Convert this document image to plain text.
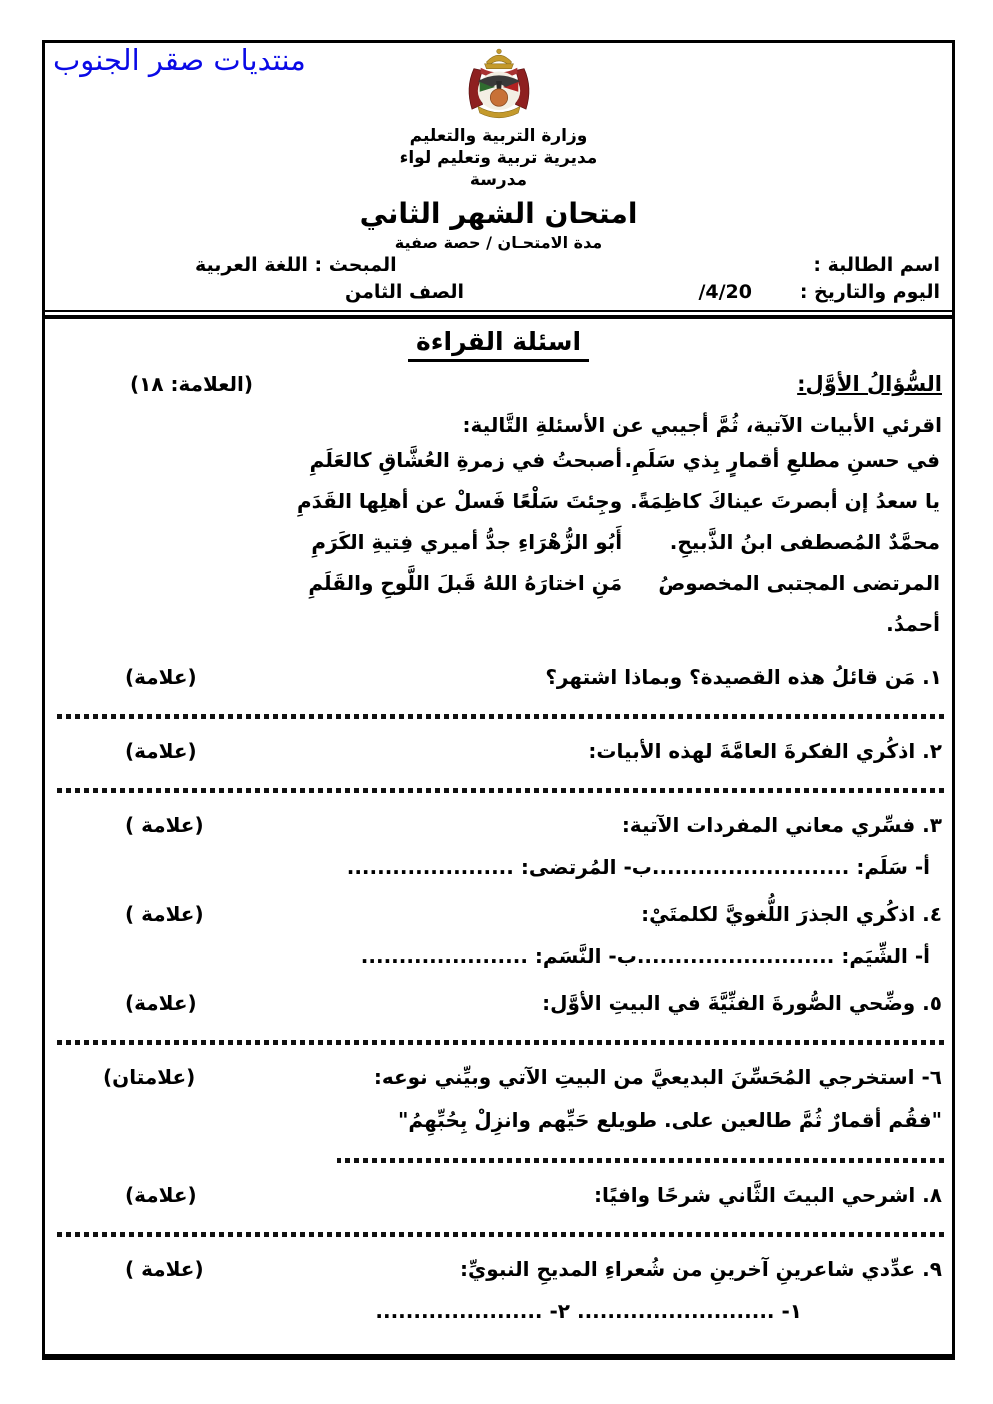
منتديات صقر الجنوب
وزارة التربية والتعليم
مديرية تربية وتعليم لواء
مدرسة
امتحان الشهر الثاني
مدة الامتحـان / حصة صفية
اسم الطالبة :
اليوم والتاريخ :
/4/20
المبحث : اللغة العربية
الصف الثامن
اسئلة القراءة
السُّؤالُ الأوَّل:
(العلامة: ١٨)
اقرئي الأبيات الآتية، ثُمَّ أجيبي عن الأسئلةِ التَّالية:
في حسنِ مطلعِ أقمارٍ بِذي سَلَمِ.
أصبحتُ في زمرةِ العُشَّاقِ كالعَلَمِ
يا سعدُ إن أبصرتَ عيناكَ كاظِمَةً.
وجِئتَ سَلْعًا فَسلْ عن أهلِها القَدَمِ
محمَّدٌ المُصطفى ابنُ الذَّبيحِ.
أَبُو الزُّهْرَاءِ جدُّ أميري فِتيةِ الكَرَمِ
المرتضى المجتبى المخصوصُ أحمدُ.
مَنِ اختارَهُ اللهُ قَبلَ اللَّوحِ والقَلَمِ
١. مَن قائلُ هذه القصيدة؟ وبماذا اشتهر؟
(علامة)
٢. اذكُري الفكرةَ العامَّةَ لهذه الأبيات:
(علامة)
٣. فسِّري معاني المفردات الآتية:
(علامة )
أ- سَلَم: ..........................ب- المُرتضى: ......................
٤. اذكُري الجذرَ اللُّغويَّ لكلمتَيْ:
(علامة )
أ- الشِّيَم: ..........................ب- النَّسَم: ......................
٥. وضِّحي الصُّورةَ الفنِّيَّةَ في البيتِ الأوَّل:
(علامة)
٦- استخرجي المُحَسِّنَ البديعيَّ من البيتِ الآتي وبيِّني نوعه:
(علامتان)
"فقُم أقمارٌ ثُمَّ طالعين على. طويلع حَيِّهم وانزِلْ بِحُبِّهِمُ"
٨. اشرحي البيتَ الثَّاني شرحًا وافيًا:
(علامة)
٩. عدِّدي شاعرينِ آخرينِ من شُعراءِ المديحِ النبويِّ:
(علامة )
١- .......................... ٢- ......................
